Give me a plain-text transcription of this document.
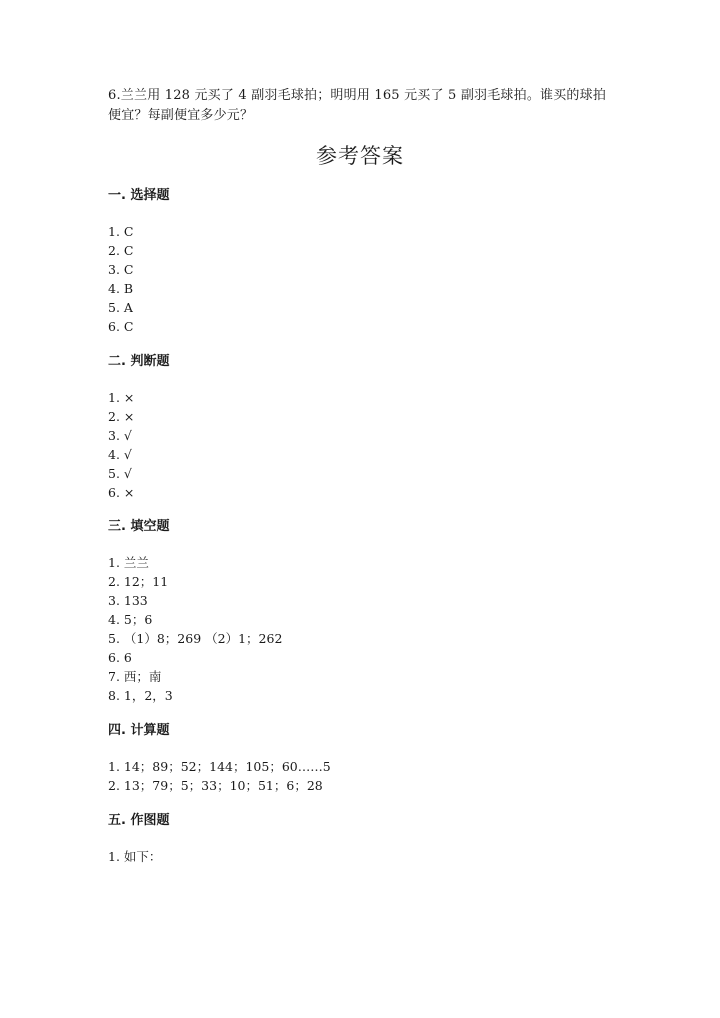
6.兰兰用 128 元买了 4 副羽毛球拍；明明用 165 元买了 5 副羽毛球拍。谁买的球拍便宜？每副便宜多少元？
参考答案
一. 选择题
1. C
2. C
3. C
4. B
5. A
6. C
二. 判断题
1. ×
2. ×
3. √
4. √
5. √
6. ×
三. 填空题
1. 兰兰
2. 12；11
3. 133
4. 5；6
5. （1）8；269 （2）1；262
6. 6
7. 西；南
8. 1，2，3
四. 计算题
1. 14；89；52；144；105；60……5
2. 13；79；5；33；10；51；6；28
五. 作图题
1. 如下：
